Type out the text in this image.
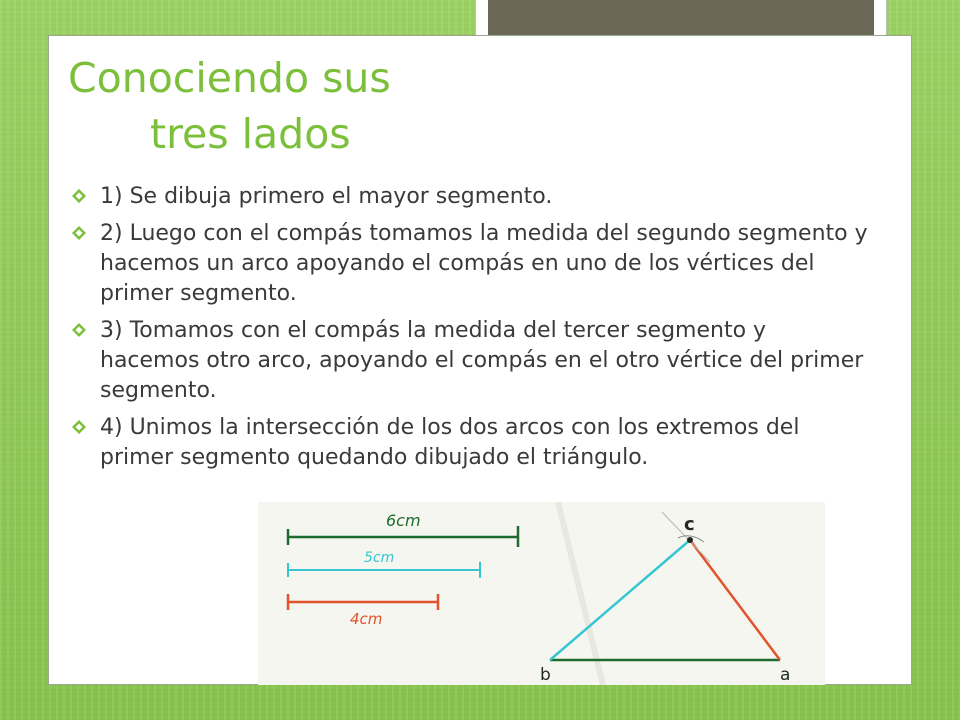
Conociendo sus
tres lados
1) Se dibuja primero el mayor segmento.
2) Luego con el compás tomamos la medida del segundo segmento y hacemos un arco apoyando el compás en uno de los vértices del primer segmento.
3) Tomamos con el compás la medida del tercer segmento y hacemos otro arco, apoyando el compás en el otro vértice del primer segmento.
4) Unimos la intersección de los dos arcos con los extremos del primer segmento quedando dibujado el triángulo.
6cm
5cm
4cm
c
b	a
